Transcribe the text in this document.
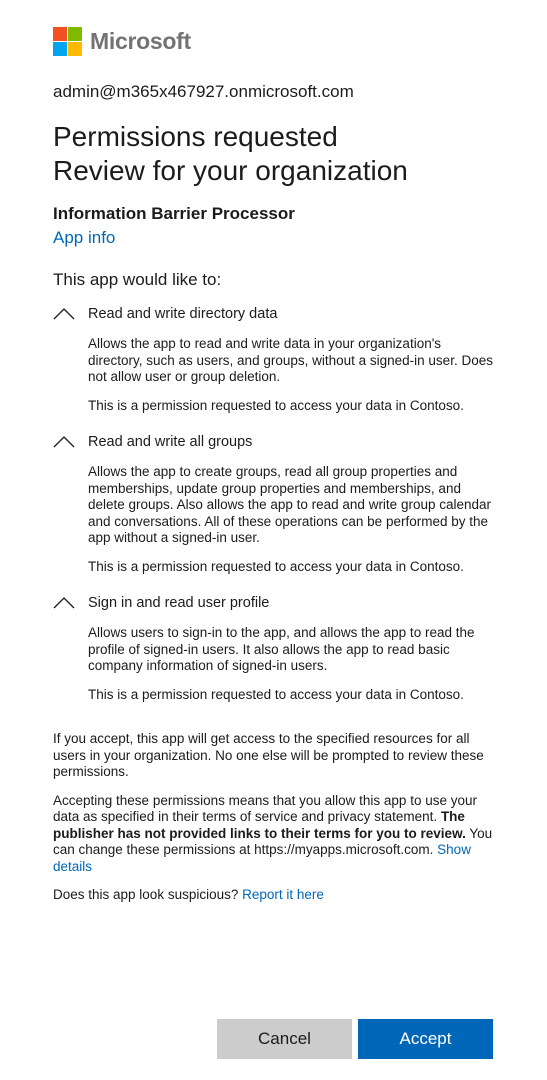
Microsoft
admin@m365x467927.onmicrosoft.com
Permissions requested
Review for your organization
Information Barrier Processor
App info
This app would like to:
Read and write directory data
Allows the app to read and write data in your organization's directory, such as users, and groups, without a signed-in user. Does not allow user or group deletion.
This is a permission requested to access your data in Contoso.
Read and write all groups
Allows the app to create groups, read all group properties and memberships, update group properties and memberships, and delete groups. Also allows the app to read and write group calendar and conversations. All of these operations can be performed by the app without a signed-in user.
This is a permission requested to access your data in Contoso.
Sign in and read user profile
Allows users to sign-in to the app, and allows the app to read the profile of signed-in users. It also allows the app to read basic company information of signed-in users.
This is a permission requested to access your data in Contoso.
If you accept, this app will get access to the specified resources for all users in your organization. No one else will be prompted to review these permissions.
Accepting these permissions means that you allow this app to use your data as specified in their terms of service and privacy statement. The publisher has not provided links to their terms for you to review. You can change these permissions at https://myapps.microsoft.com. Show details
Does this app look suspicious? Report it here
Cancel	Accept
